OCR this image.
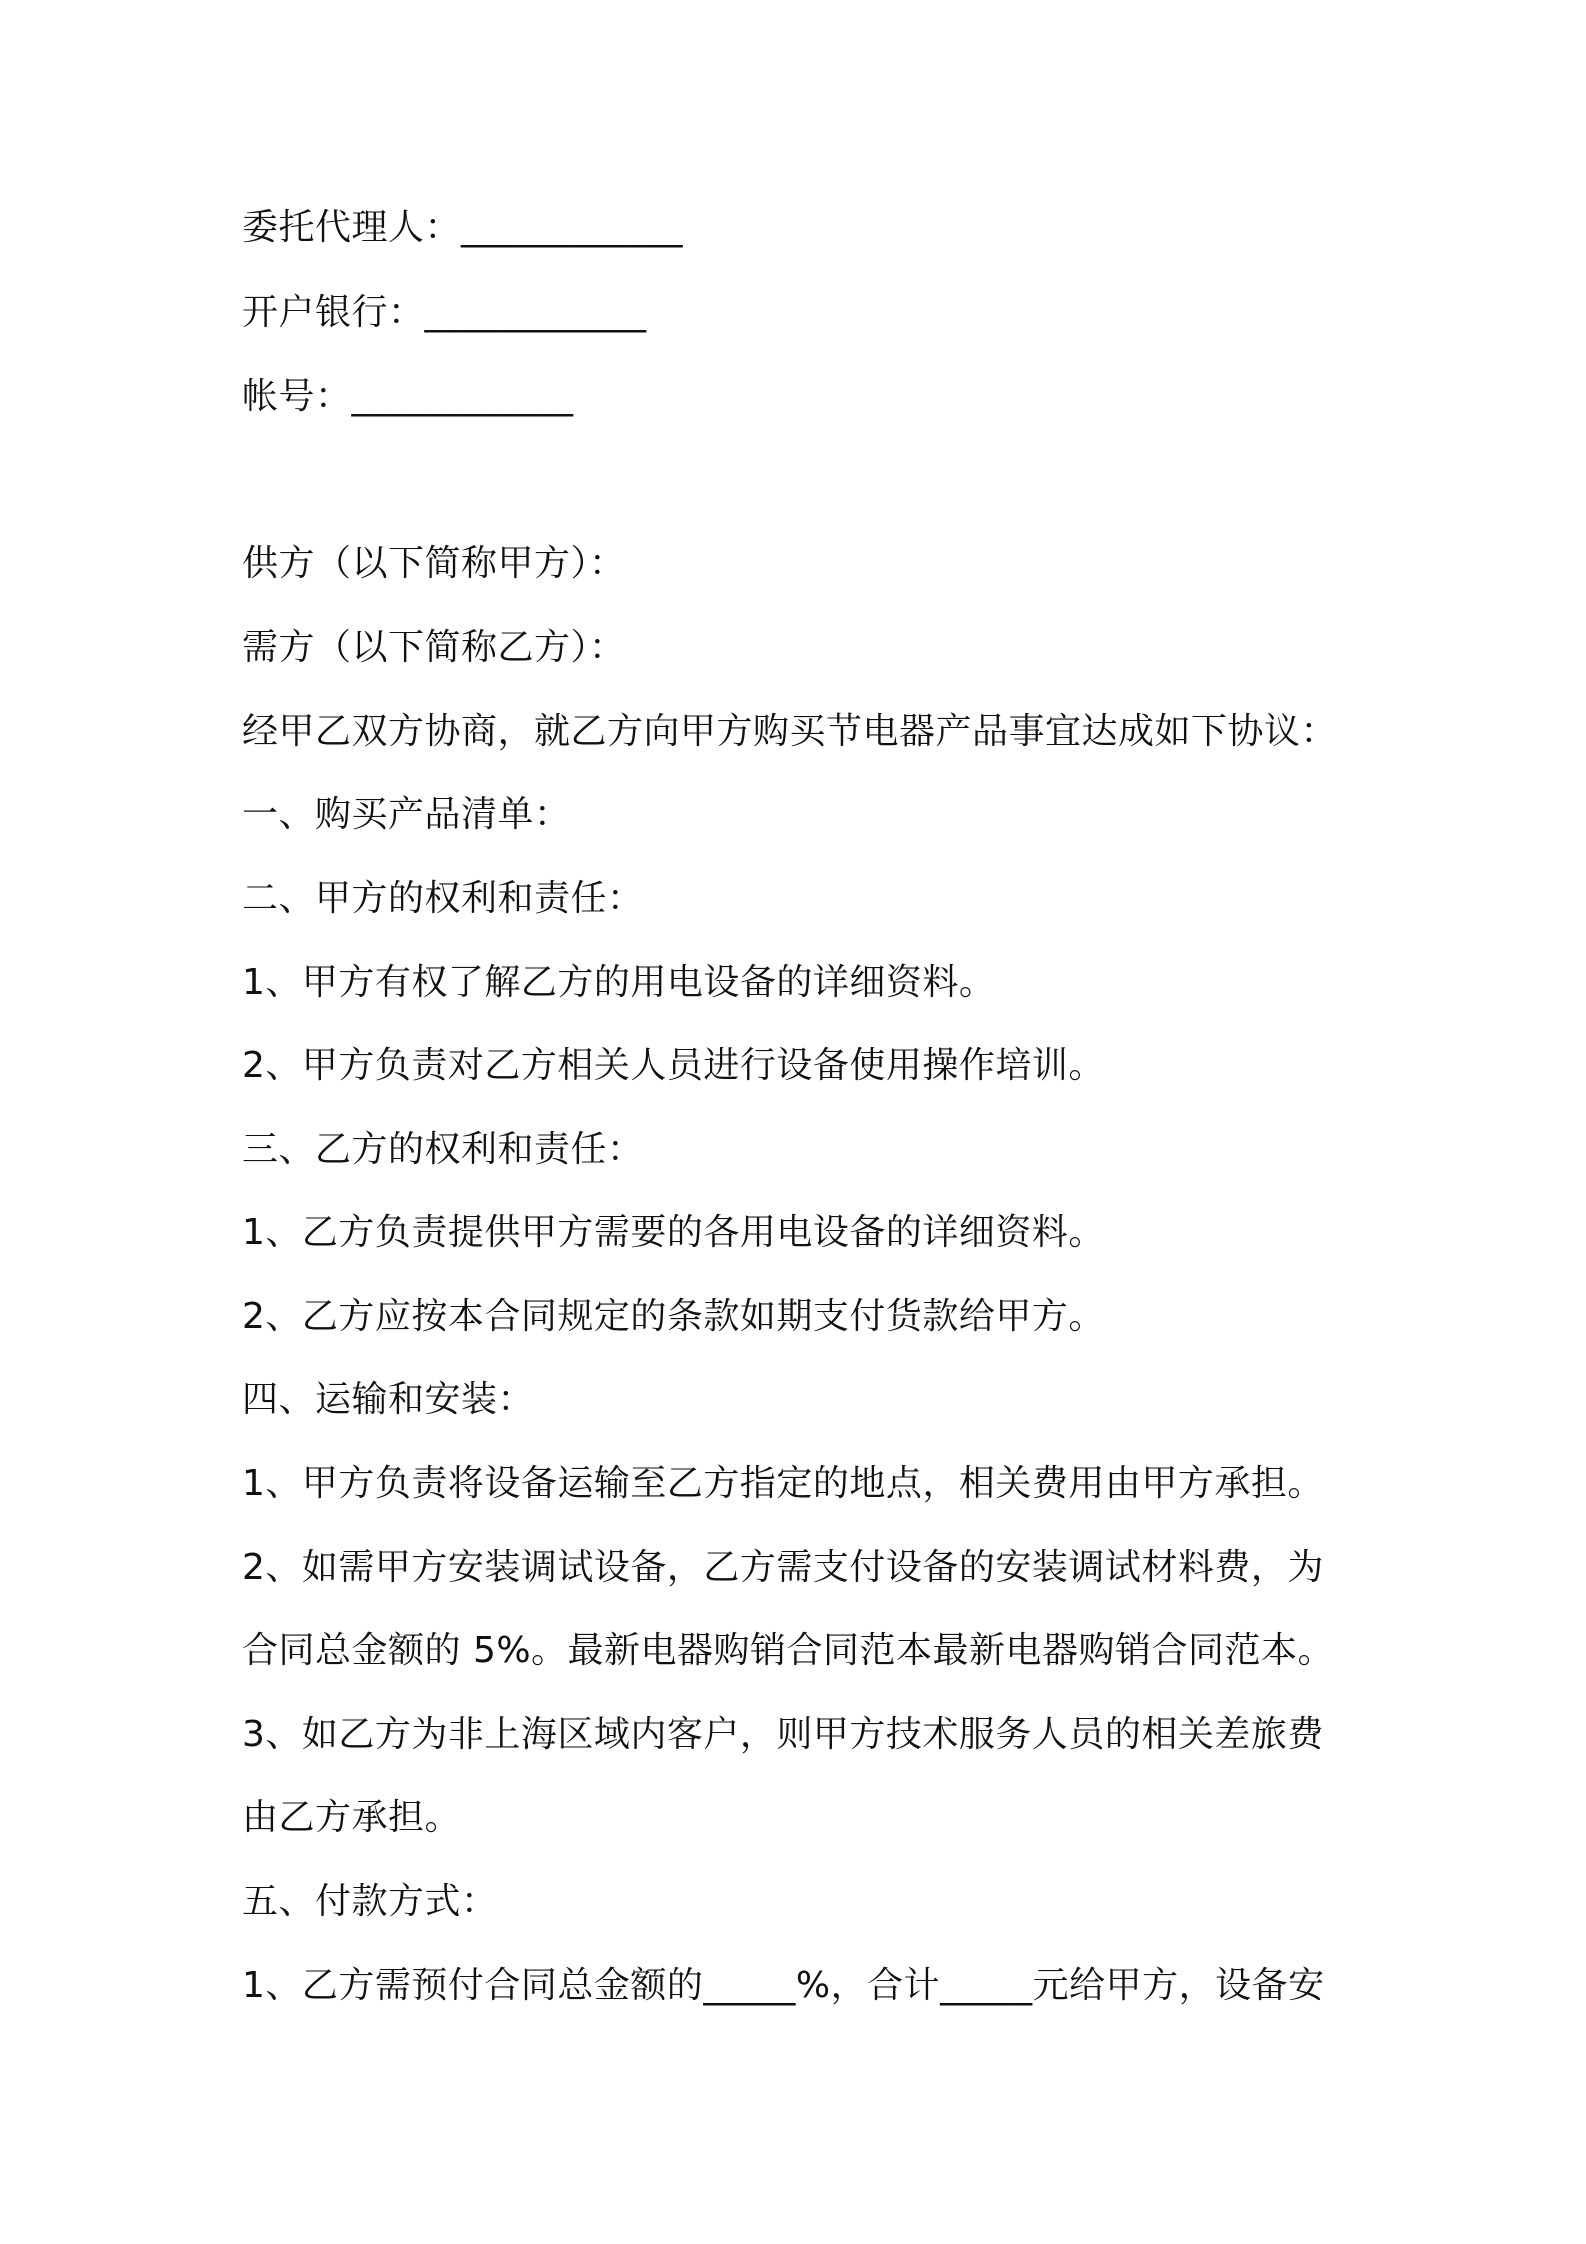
委托代理人：____________
开户银行：____________
帐号：____________
供方（以下简称甲方）：
需方（以下简称乙方）：
经甲乙双方协商，就乙方向甲方购买节电器产品事宜达成如下协议：
一、购买产品清单：
二、甲方的权利和责任：
1、甲方有权了解乙方的用电设备的详细资料。
2、甲方负责对乙方相关人员进行设备使用操作培训。
三、乙方的权利和责任：
1、乙方负责提供甲方需要的各用电设备的详细资料。
2、乙方应按本合同规定的条款如期支付货款给甲方。
四、运输和安装：
1、甲方负责将设备运输至乙方指定的地点，相关费用由甲方承担。
2、如需甲方安装调试设备，乙方需支付设备的安装调试材料费，为
合同总金额的 5%。最新电器购销合同范本最新电器购销合同范本。
3、如乙方为非上海区域内客户，则甲方技术服务人员的相关差旅费
由乙方承担。
五、付款方式：
1、乙方需预付合同总金额的_____%，合计_____元给甲方，设备安
